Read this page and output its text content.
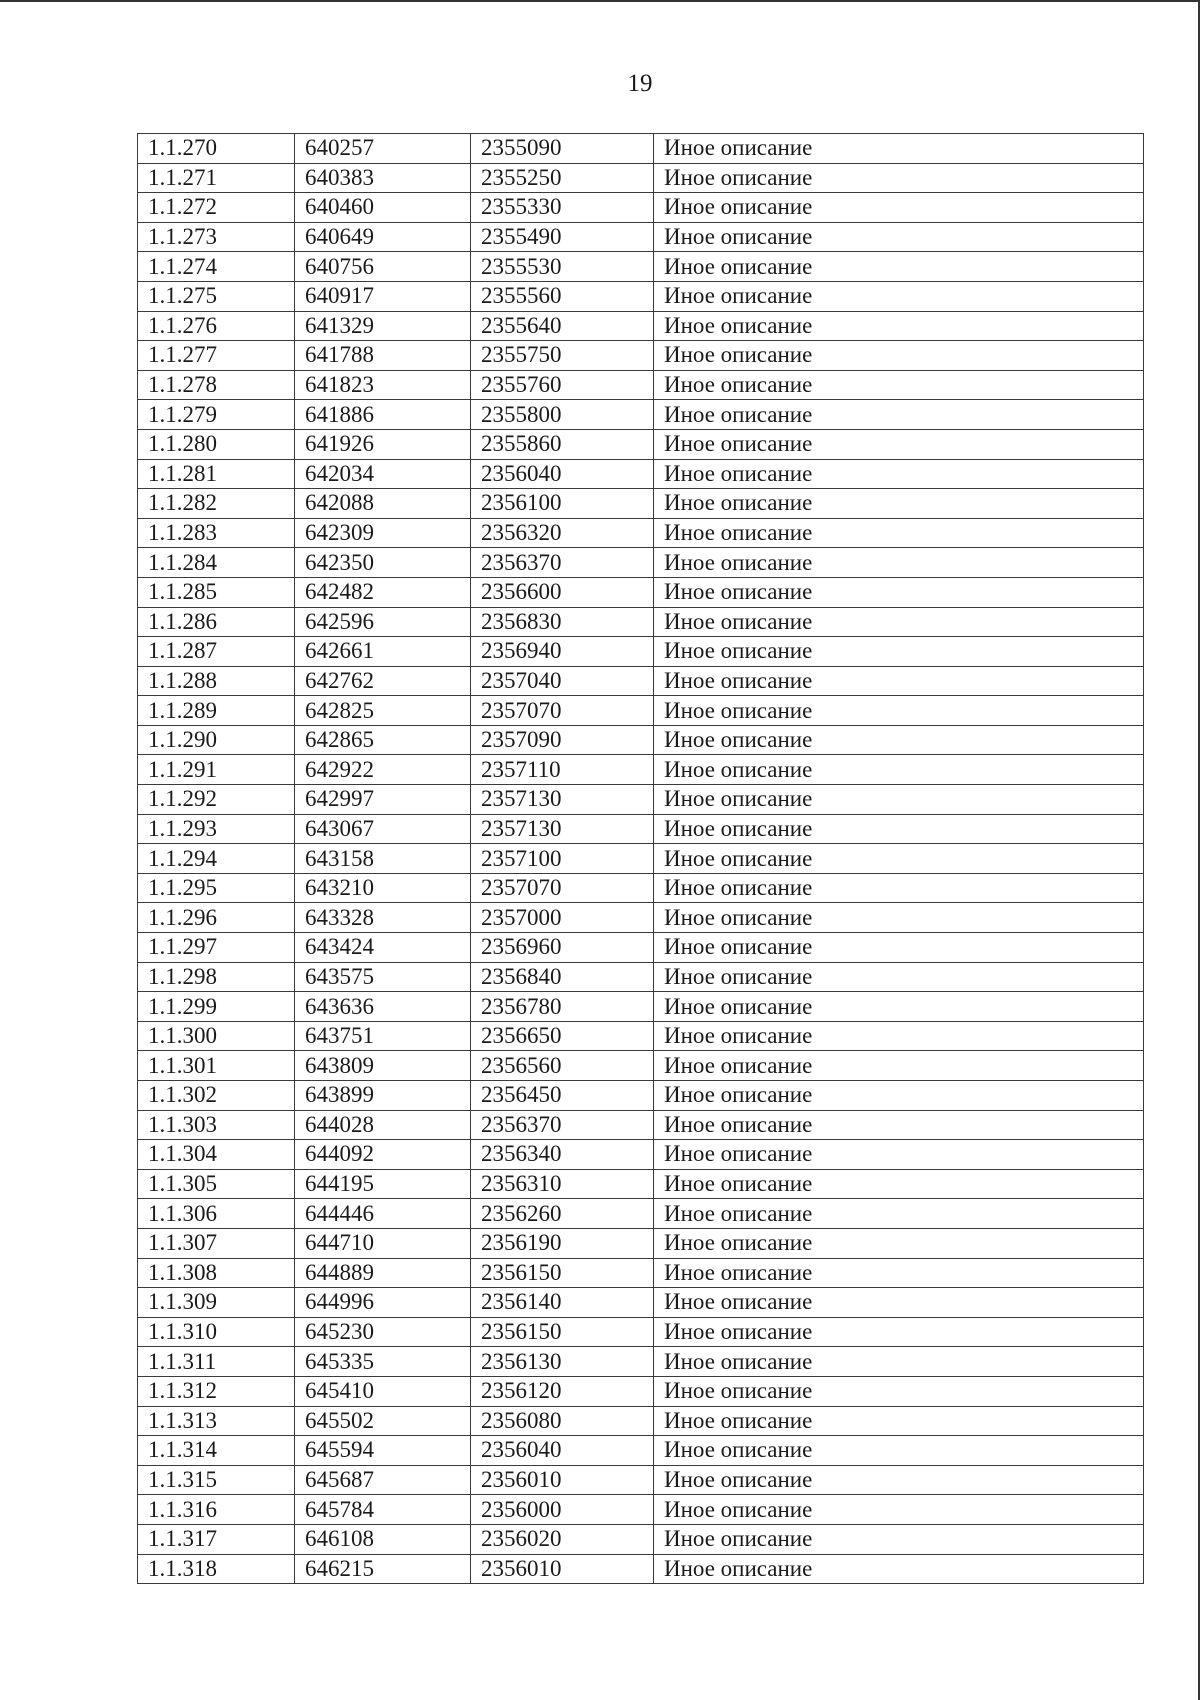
19
1.1.270	640257	2355090	Иное описание
1.1.271	640383	2355250	Иное описание
1.1.272	640460	2355330	Иное описание
1.1.273	640649	2355490	Иное описание
1.1.274	640756	2355530	Иное описание
1.1.275	640917	2355560	Иное описание
1.1.276	641329	2355640	Иное описание
1.1.277	641788	2355750	Иное описание
1.1.278	641823	2355760	Иное описание
1.1.279	641886	2355800	Иное описание
1.1.280	641926	2355860	Иное описание
1.1.281	642034	2356040	Иное описание
1.1.282	642088	2356100	Иное описание
1.1.283	642309	2356320	Иное описание
1.1.284	642350	2356370	Иное описание
1.1.285	642482	2356600	Иное описание
1.1.286	642596	2356830	Иное описание
1.1.287	642661	2356940	Иное описание
1.1.288	642762	2357040	Иное описание
1.1.289	642825	2357070	Иное описание
1.1.290	642865	2357090	Иное описание
1.1.291	642922	2357110	Иное описание
1.1.292	642997	2357130	Иное описание
1.1.293	643067	2357130	Иное описание
1.1.294	643158	2357100	Иное описание
1.1.295	643210	2357070	Иное описание
1.1.296	643328	2357000	Иное описание
1.1.297	643424	2356960	Иное описание
1.1.298	643575	2356840	Иное описание
1.1.299	643636	2356780	Иное описание
1.1.300	643751	2356650	Иное описание
1.1.301	643809	2356560	Иное описание
1.1.302	643899	2356450	Иное описание
1.1.303	644028	2356370	Иное описание
1.1.304	644092	2356340	Иное описание
1.1.305	644195	2356310	Иное описание
1.1.306	644446	2356260	Иное описание
1.1.307	644710	2356190	Иное описание
1.1.308	644889	2356150	Иное описание
1.1.309	644996	2356140	Иное описание
1.1.310	645230	2356150	Иное описание
1.1.311	645335	2356130	Иное описание
1.1.312	645410	2356120	Иное описание
1.1.313	645502	2356080	Иное описание
1.1.314	645594	2356040	Иное описание
1.1.315	645687	2356010	Иное описание
1.1.316	645784	2356000	Иное описание
1.1.317	646108	2356020	Иное описание
1.1.318	646215	2356010	Иное описание
